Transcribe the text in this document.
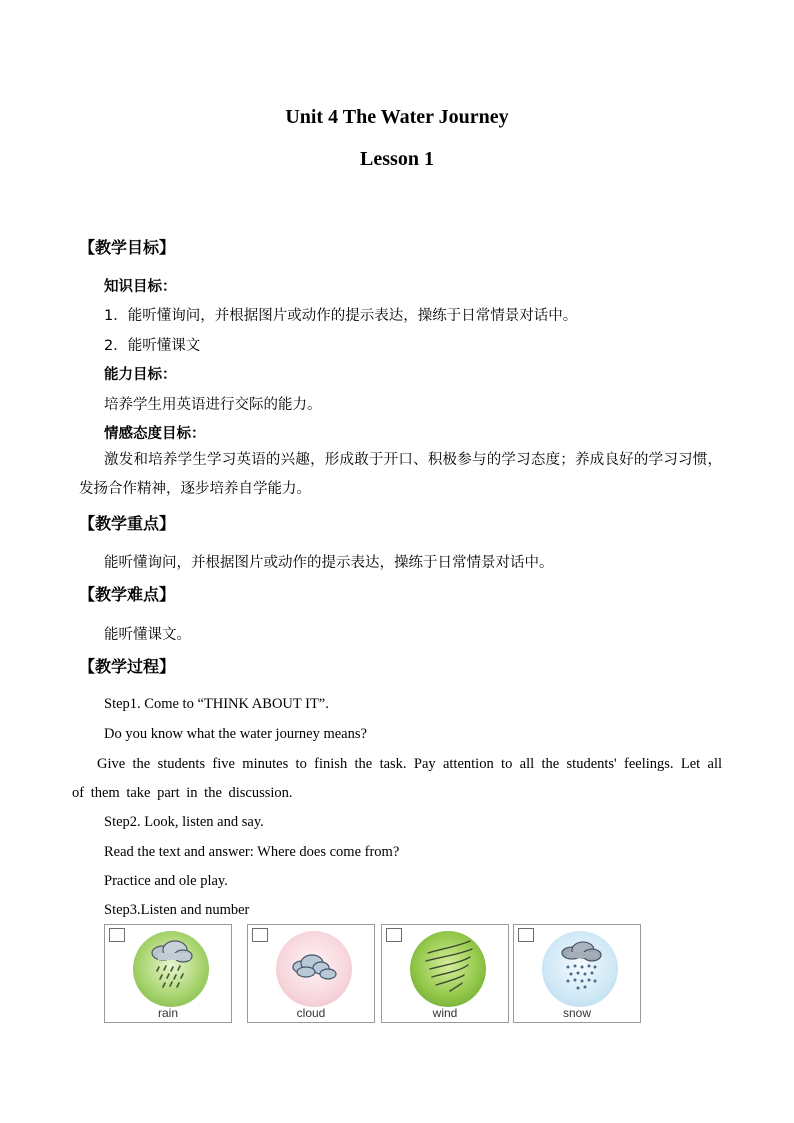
Unit 4 The Water Journey
Lesson 1
【教学目标】
知识目标：
1．能听懂询问，并根据图片或动作的提示表达，操练于日常情景对话中。
2．能听懂课文
能力目标：
培养学生用英语进行交际的能力。
情感态度目标：
激发和培养学生学习英语的兴趣，形成敢于开口、积极参与的学习态度；养成良好的学习习惯，发扬合作精神，逐步培养自学能力。
【教学重点】
能听懂询问，并根据图片或动作的提示表达，操练于日常情景对话中。
【教学难点】
能听懂课文。
【教学过程】
Step1. Come to “THINK ABOUT IT”.
Do you know what the water journey means?
Give the students five minutes to finish the task. Pay attention to all the students' feelings. Let all of them take part in the discussion.
Step2. Look, listen and say.
Read the text and answer: Where does come from?
Practice and ole play.
Step3.Listen and number
rain	cloud	wind	snow
